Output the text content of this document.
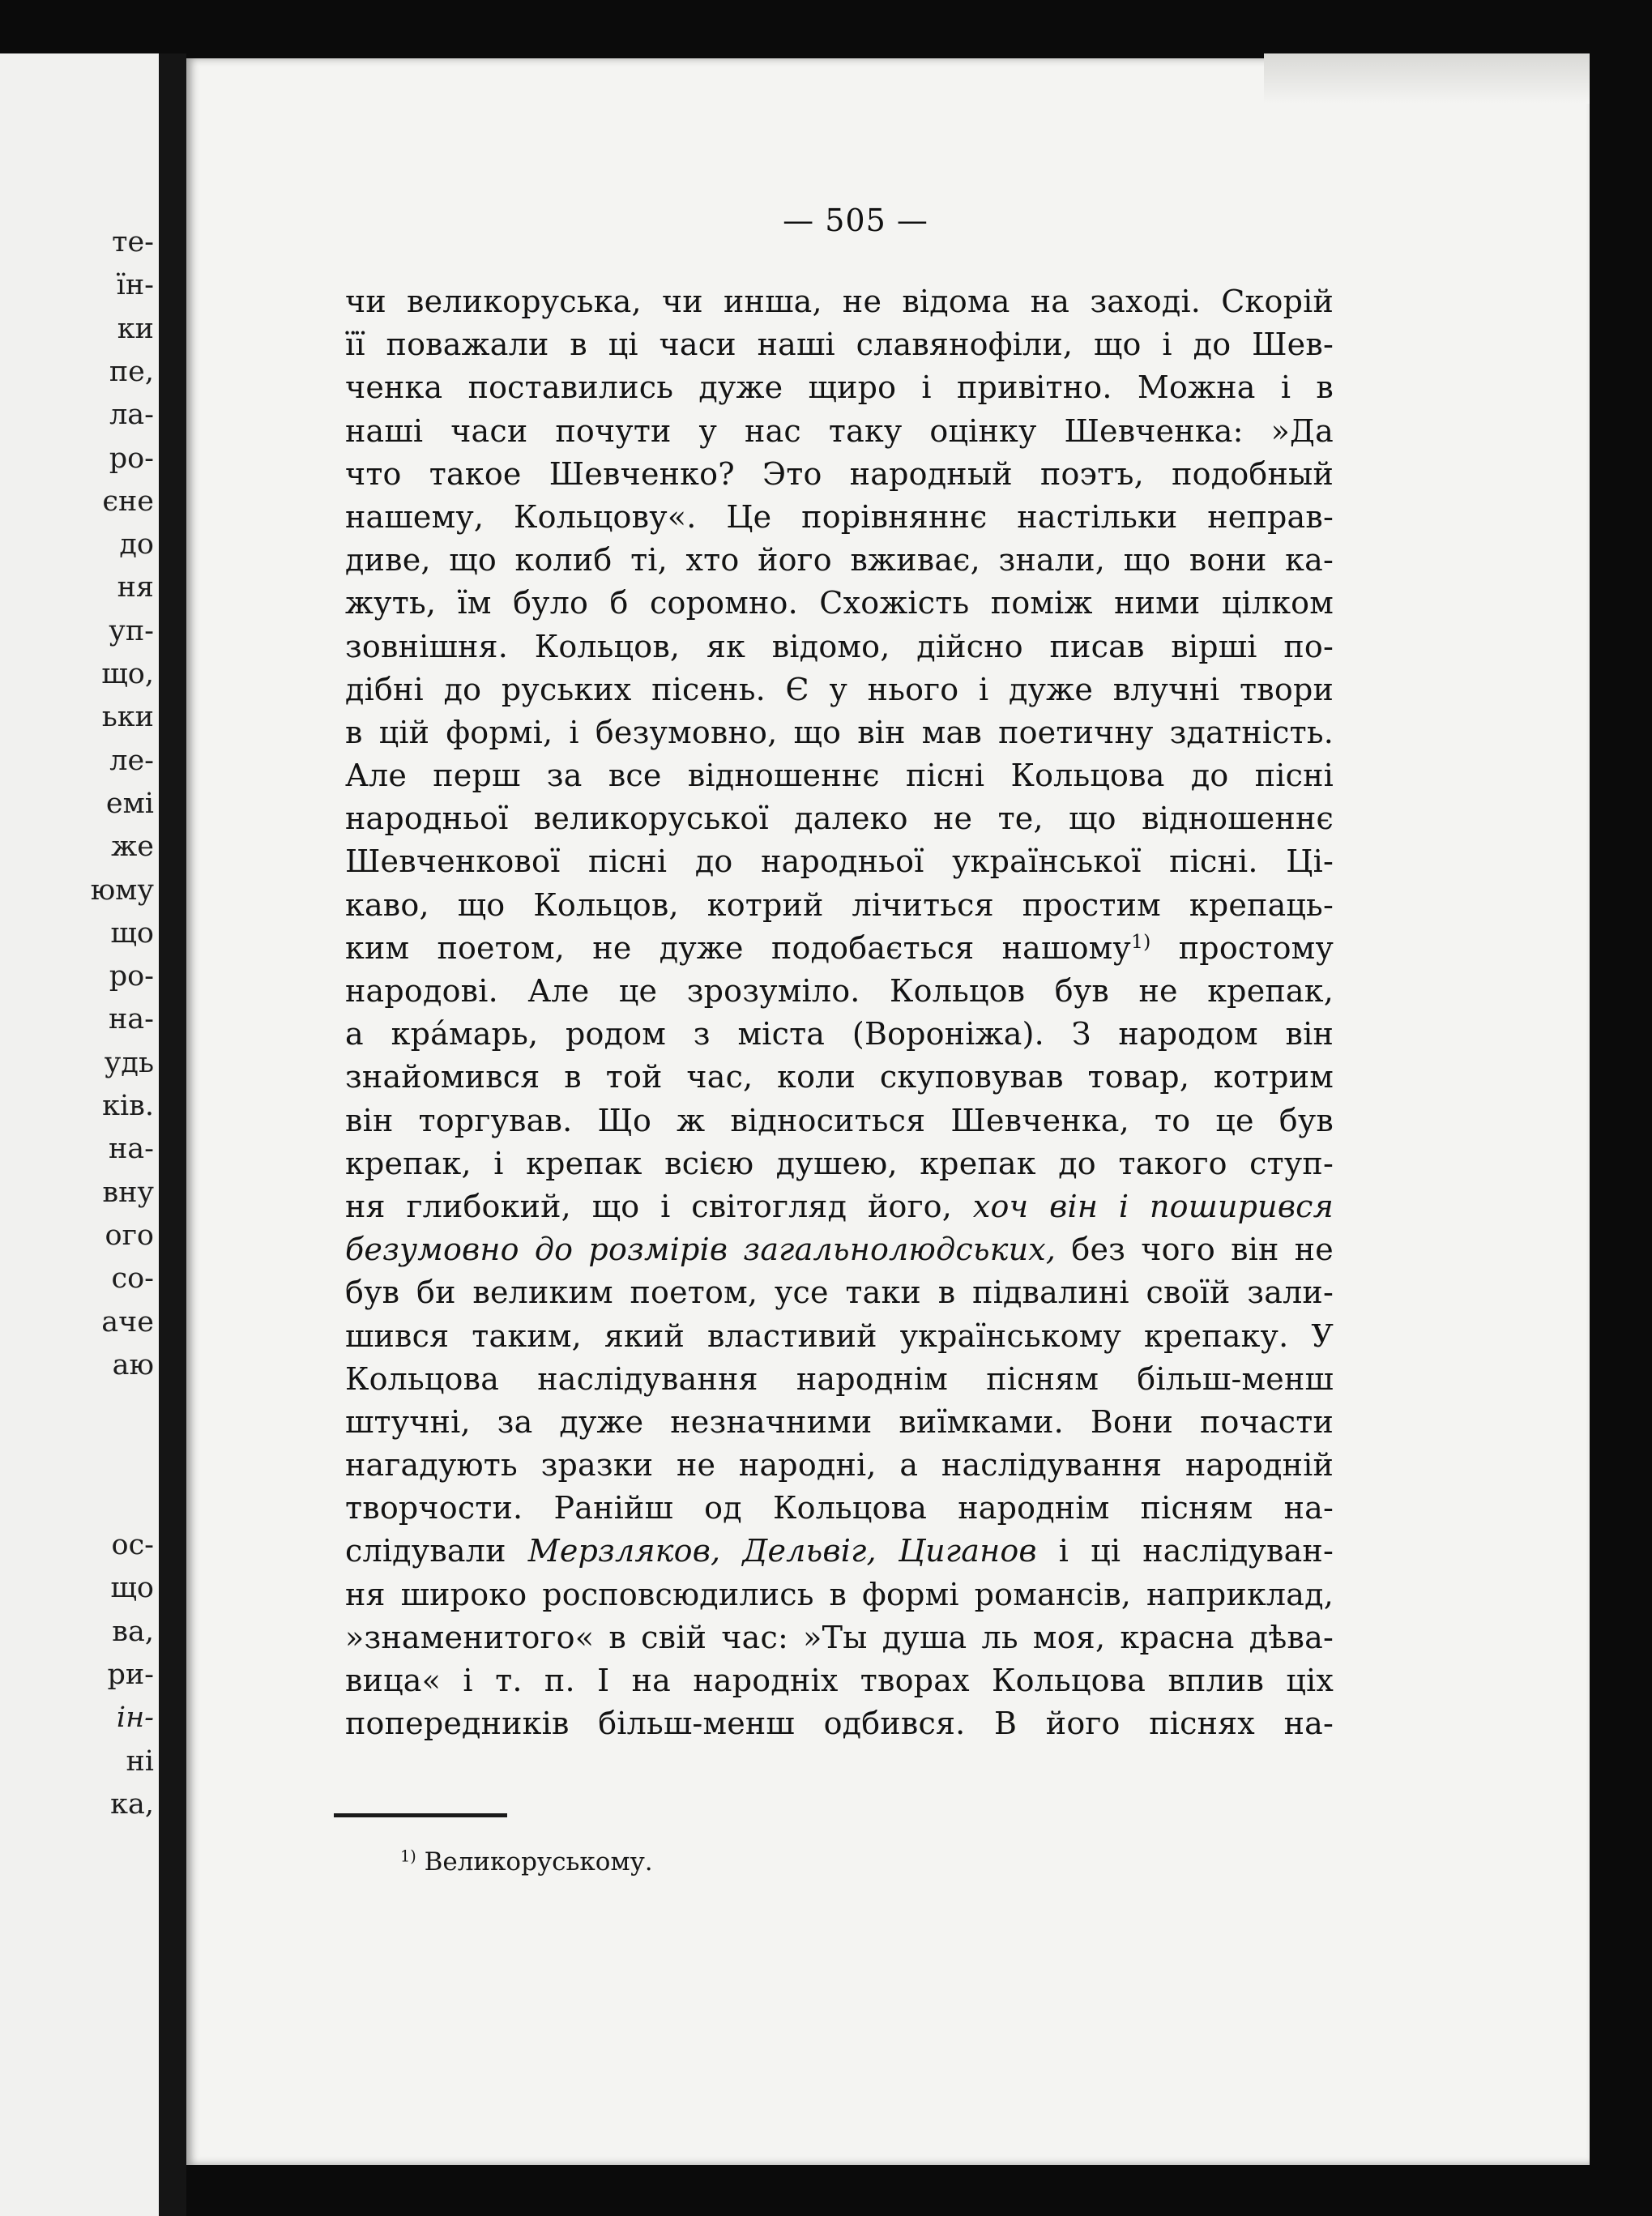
те-
їн-
ки
пе,
ла-
ро-
єне
до
ня
уп-
що,
ьки
ле-
емі
же
юму
що
ро-
на-
удь
ків.
на-
вну
ого
со-
аче
аю
ос-
що
ва,
ри-
ін-
ні
ка,
— 505 —
чи великоруська, чи инша, не відома на заході. Скорій
її поважали в ці часи наші славянофіли, що і до Шев-
ченка поставились дуже щиро і привітно. Можна і в
наші часи почути у нас таку оцінку Шевченка: »Да
что такое Шевченко? Это народный поэтъ, подобный
нашему, Кольцову«. Це порівняннє настільки неправ-
диве, що колиб ті, хто його вживає, знали, що вони ка-
жуть, їм було б соромно. Схожість поміж ними цілком
зовнішня. Кольцов, як відомо, дійсно писав вірші по-
дібні до руських пісень. Є у нього і дуже влучні твори
в цій формі, і безумовно, що він мав поетичну здатність.
Але перш за все відношеннє пісні Кольцова до пісні
народньої великоруської далеко не те, що відношеннє
Шевченкової пісні до народньої української пісні. Ці-
каво, що Кольцов, котрий лічиться простим крепаць-
ким поетом, не дуже подобається нашому$^{1)}$ простому
народові. Але це зрозуміло. Кольцов був не крепак,
а крáмарь, родом з міста (Вороніжа). З народом він
знайомився в той час, коли скуповував товар, котрим
він торгував. Що ж відноситься Шевченка, то це був
крепак, і крепак всією душею, крепак до такого ступ-
ня глибокий, що і світогляд його, хоч він і поширився
безумовно до розмірів загальнолюдських, без чого він не
був би великим поетом, усе таки в підвалині своїй зали-
шився таким, який властивий українському крепаку. У
Кольцова наслідування народнім пісням більш-менш
штучні, за дуже незначними виїмками. Вони почасти
нагадують зразки не народні, а наслідування народній
творчости. Ранійш од Кольцова народнім пісням на-
слідували Мерзляков, Дельвіг, Циганов і ці наслідуван-
ня широко росповсюдились в формі романсів, наприклад,
»знаменитого« в свій час: »Ты душа ль моя, красна дѣва-
вица« і т. п. І на народніх творах Кольцова вплив ціх
попередників більш-менш одбився. В його піснях на-
$^{1)}$ Великоруському.
